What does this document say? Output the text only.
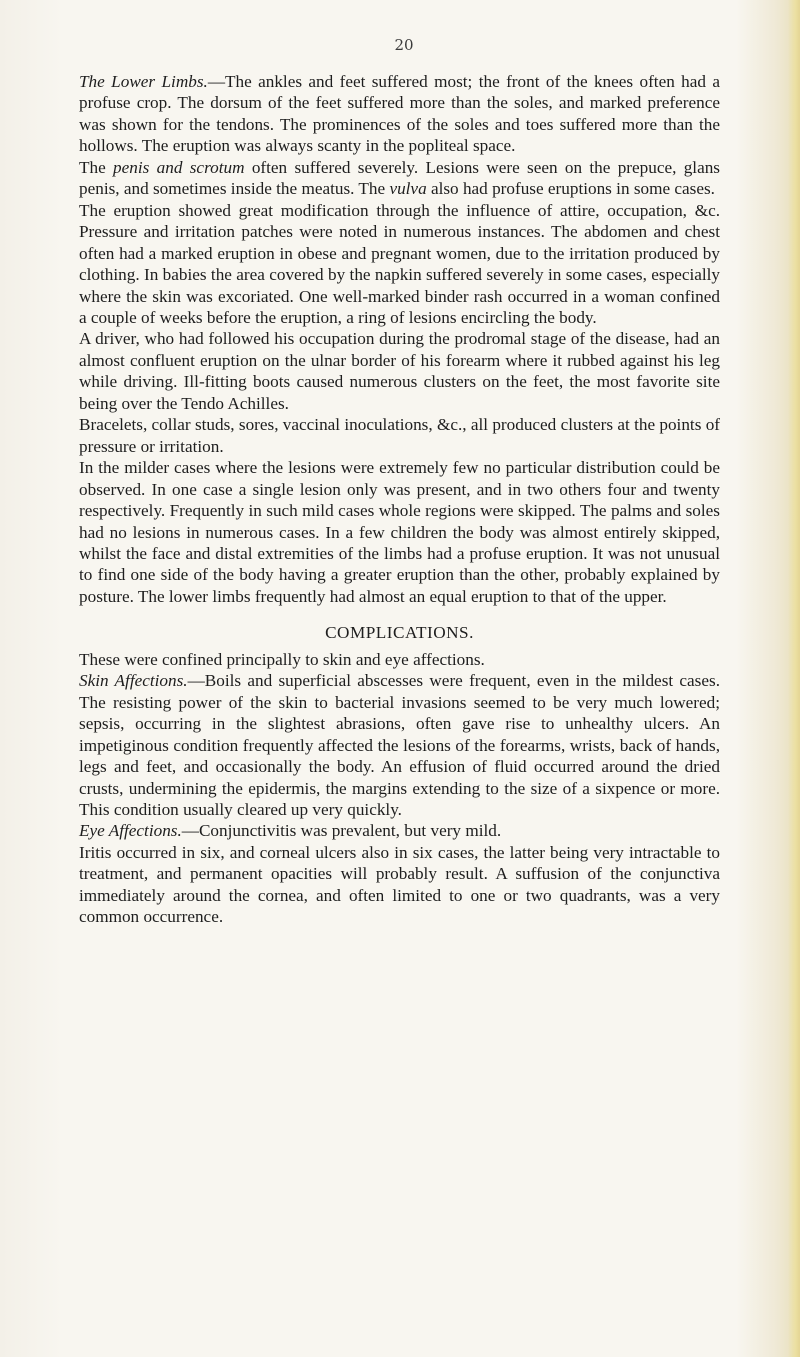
20

The Lower Limbs.—The ankles and feet suffered most; the front of the knees often had a profuse crop. The dorsum of the feet suffered more than the soles, and marked preference was shown for the tendons. The prominences of the soles and toes suffered more than the hollows. The eruption was always scanty in the popliteal space.

The penis and scrotum often suffered severely. Lesions were seen on the prepuce, glans penis, and sometimes inside the meatus. The vulva also had profuse eruptions in some cases.

The eruption showed great modification through the influence of attire, occupation, &c. Pressure and irritation patches were noted in numerous instances. The abdomen and chest often had a marked eruption in obese and pregnant women, due to the irritation produced by clothing. In babies the area covered by the napkin suffered severely in some cases, especially where the skin was excoriated. One well-marked binder rash occurred in a woman confined a couple of weeks before the eruption, a ring of lesions encircling the body.

A driver, who had followed his occupation during the prodromal stage of the disease, had an almost confluent eruption on the ulnar border of his forearm where it rubbed against his leg while driving. Ill-fitting boots caused numerous clusters on the feet, the most favorite site being over the Tendo Achilles.

Bracelets, collar studs, sores, vaccinal inoculations, &c., all produced clusters at the points of pressure or irritation.

In the milder cases where the lesions were extremely few no particular distribution could be observed. In one case a single lesion only was present, and in two others four and twenty respectively. Frequently in such mild cases whole regions were skipped. The palms and soles had no lesions in numerous cases. In a few children the body was almost entirely skipped, whilst the face and distal extremities of the limbs had a profuse eruption. It was not unusual to find one side of the body having a greater eruption than the other, probably explained by posture. The lower limbs frequently had almost an equal eruption to that of the upper.

COMPLICATIONS.

These were confined principally to skin and eye affections.

Skin Affections.—Boils and superficial abscesses were frequent, even in the mildest cases. The resisting power of the skin to bacterial invasions seemed to be very much lowered; sepsis, occurring in the slightest abrasions, often gave rise to unhealthy ulcers. An impetiginous condition frequently affected the lesions of the forearms, wrists, back of hands, legs and feet, and occasionally the body. An effusion of fluid occurred around the dried crusts, undermining the epidermis, the margins extending to the size of a sixpence or more. This condition usually cleared up very quickly.

Eye Affections.—Conjunctivitis was prevalent, but very mild.

Iritis occurred in six, and corneal ulcers also in six cases, the latter being very intractable to treatment, and permanent opacities will probably result. A suffusion of the conjunctiva immediately around the cornea, and often limited to one or two quadrants, was a very common occurrence.
